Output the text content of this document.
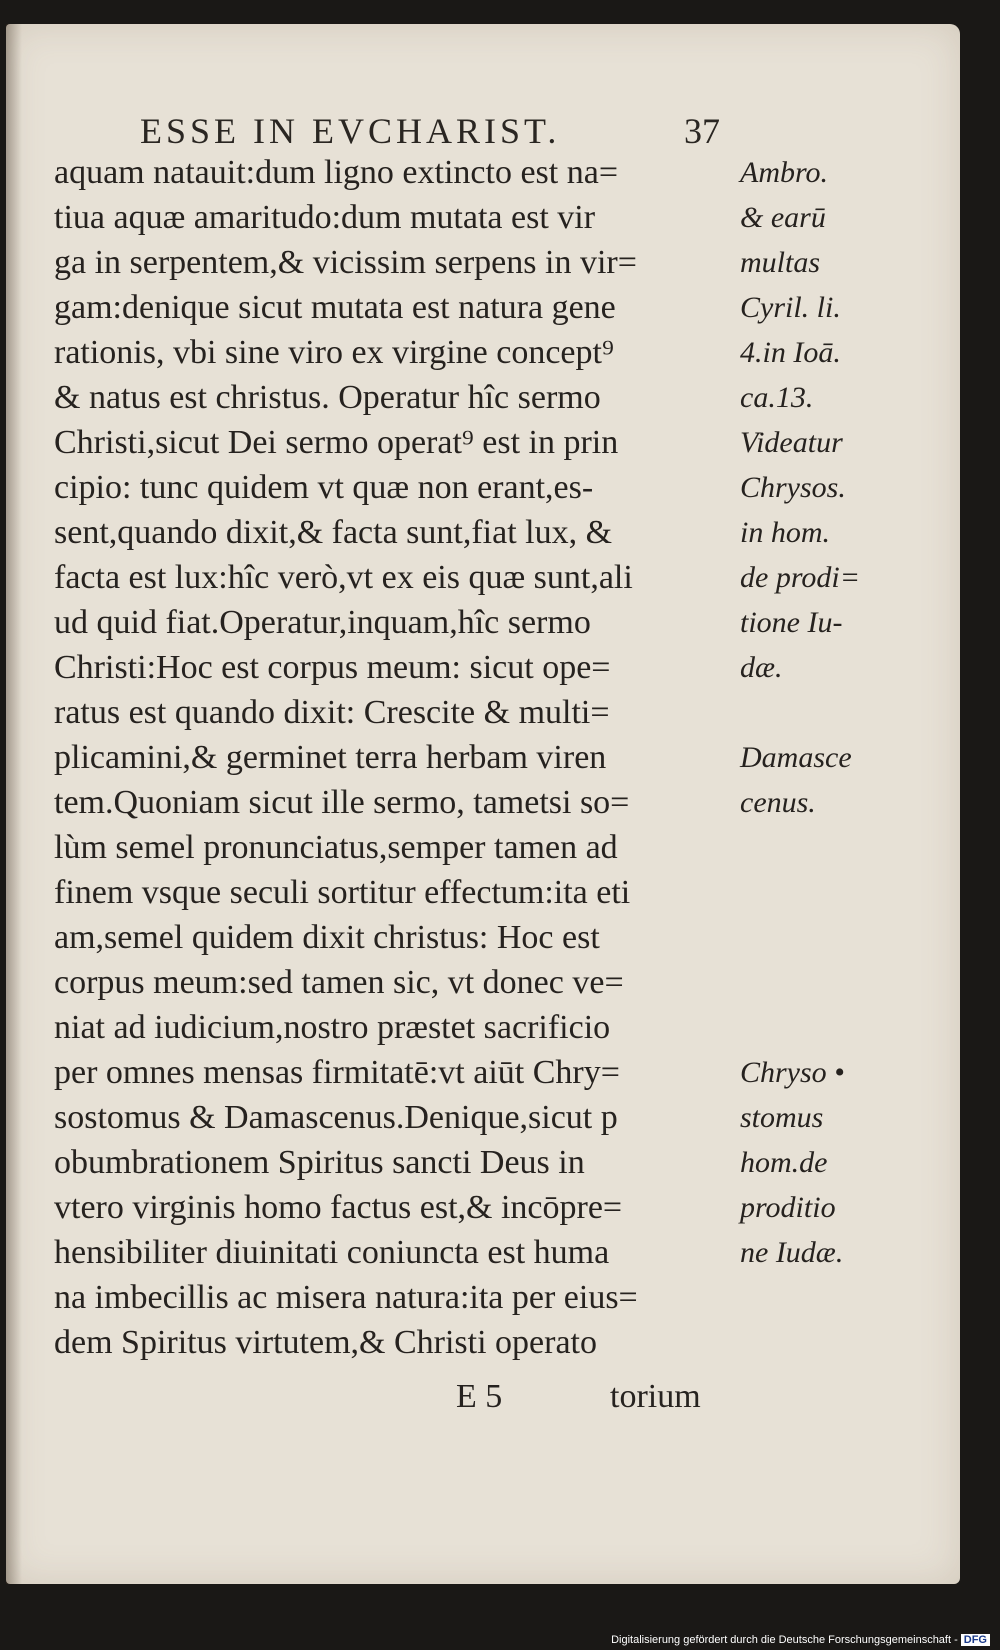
ESSE IN EVCHARIST.	37
aquam natauit:dum ligno extincto est na=
tiua aquæ amaritudo:dum mutata est vir
ga in serpentem,& vicissim serpens in vir=
gam:denique sicut mutata est natura gene
rationis, vbi sine viro ex virgine concept⁹
& natus est christus. Operatur hîc sermo
Christi,sicut Dei sermo operat⁹ est in prin
cipio: tunc quidem vt quæ non erant,es-
sent,quando dixit,& facta sunt,fiat lux, &
facta est lux:hîc verò,vt ex eis quæ sunt,ali
ud quid fiat.Operatur,inquam,hîc sermo
Christi:Hoc est corpus meum: sicut ope=
ratus est quando dixit: Crescite & multi=
plicamini,& germinet terra herbam viren
tem.Quoniam sicut ille sermo, tametsi so=
lùm semel pronunciatus,semper tamen ad
finem vsque seculi sortitur effectum:ita eti
am,semel quidem dixit christus: Hoc est
corpus meum:sed tamen sic, vt donec ve=
niat ad iudicium,nostro præstet sacrificio
per omnes mensas firmitatē:vt aiūt Chry=
sostomus & Damascenus.Denique,sicut p
obumbrationem Spiritus sancti Deus in
vtero virginis homo factus est,& incōpre=
hensibiliter diuinitati coniuncta est huma
na imbecillis ac misera natura:ita per eius=
dem Spiritus virtutem,& Christi operato
Ambro.
& earū
multas
Cyril. li.
4.in Ioā.
ca.13.
Videatur
Chrysos.
in hom.
de prodi=
tione Iu-
dæ.
Damasce
cenus.
Chryso •
stomus
hom.de
proditio
ne Iudæ.
E 5	torium
Digitalisierung gefördert durch die Deutsche Forschungsgemeinschaft - DFG
